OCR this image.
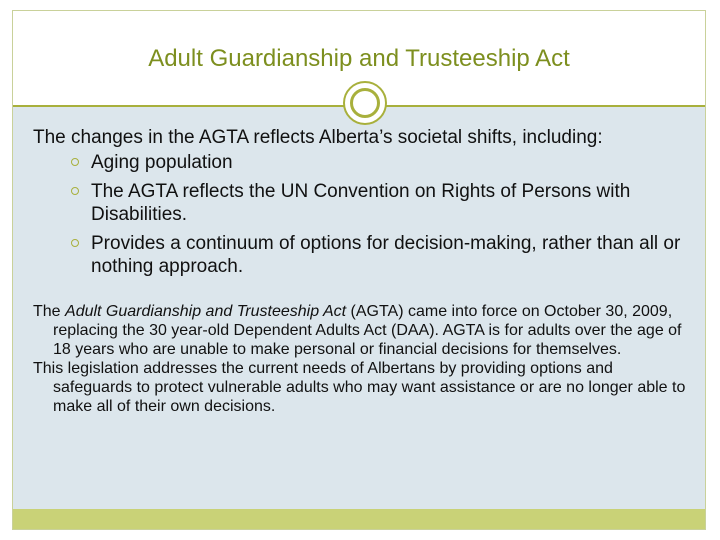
Adult Guardianship and Trusteeship Act

The changes in the AGTA reflects Alberta’s societal shifts, including:

Aging population
The AGTA reflects the UN Convention on Rights of Persons with Disabilities.
Provides a continuum of options for decision-making, rather than all or nothing approach.

The Adult Guardianship and Trusteeship Act (AGTA) came into force on October 30, 2009, replacing the 30 year-old Dependent Adults Act (DAA). AGTA is for adults over the age of 18 years who are unable to make personal or financial decisions for themselves.

This legislation addresses the current needs of Albertans by providing options and safeguards to protect vulnerable adults who may want assistance or are no longer able to make all of their own decisions.
